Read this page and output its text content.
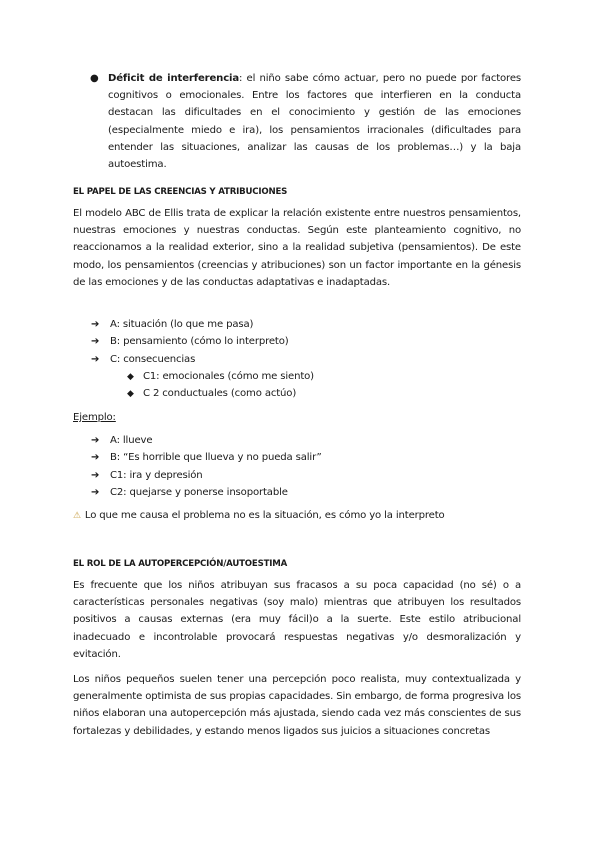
● Déficit de interferencia: el niño sabe cómo actuar, pero no puede por factores cognitivos o emocionales. Entre los factores que interfieren en la conducta destacan las dificultades en el conocimiento y gestión de las emociones (especialmente miedo e ira), los pensamientos irracionales (dificultades para entender las situaciones, analizar las causas de los problemas…) y la baja autoestima.
EL PAPEL DE LAS CREENCIAS Y ATRIBUCIONES

El modelo ABC de Ellis trata de explicar la relación existente entre nuestros pensamientos, nuestras emociones y nuestras conductas. Según este planteamiento cognitivo, no reaccionamos a la realidad exterior, sino a la realidad subjetiva (pensamientos). De este modo, los pensamientos (creencias y atribuciones) son un factor importante en la génesis de las emociones y de las conductas adaptativas e inadaptadas.

➔ A: situación (lo que me pasa)
➔ B: pensamiento (cómo lo interpreto)
➔ C: consecuencias
◆ C1: emocionales (cómo me siento)
◆ C 2 conductuales (como actúo)
Ejemplo:
➔ A: llueve
➔ B: “Es horrible que llueva y no pueda salir”
➔ C1: ira y depresión
➔ C2: quejarse y ponerse insoportable
⚠ Lo que me causa el problema no es la situación, es cómo yo la interpreto
EL ROL DE LA AUTOPERCEPCIÓN/AUTOESTIMA

Es frecuente que los niños atribuyan sus fracasos a su poca capacidad (no sé) o a características personales negativas (soy malo) mientras que atribuyen los resultados positivos a causas externas (era muy fácil)o a la suerte. Este estilo atribucional inadecuado e incontrolable provocará respuestas negativas y/o desmoralización y evitación.

Los niños pequeños suelen tener una percepción poco realista, muy contextualizada y generalmente optimista de sus propias capacidades. Sin embargo, de forma progresiva los niños elaboran una autopercepción más ajustada, siendo cada vez más conscientes de sus fortalezas y debilidades, y estando menos ligados sus juicios a situaciones concretas
